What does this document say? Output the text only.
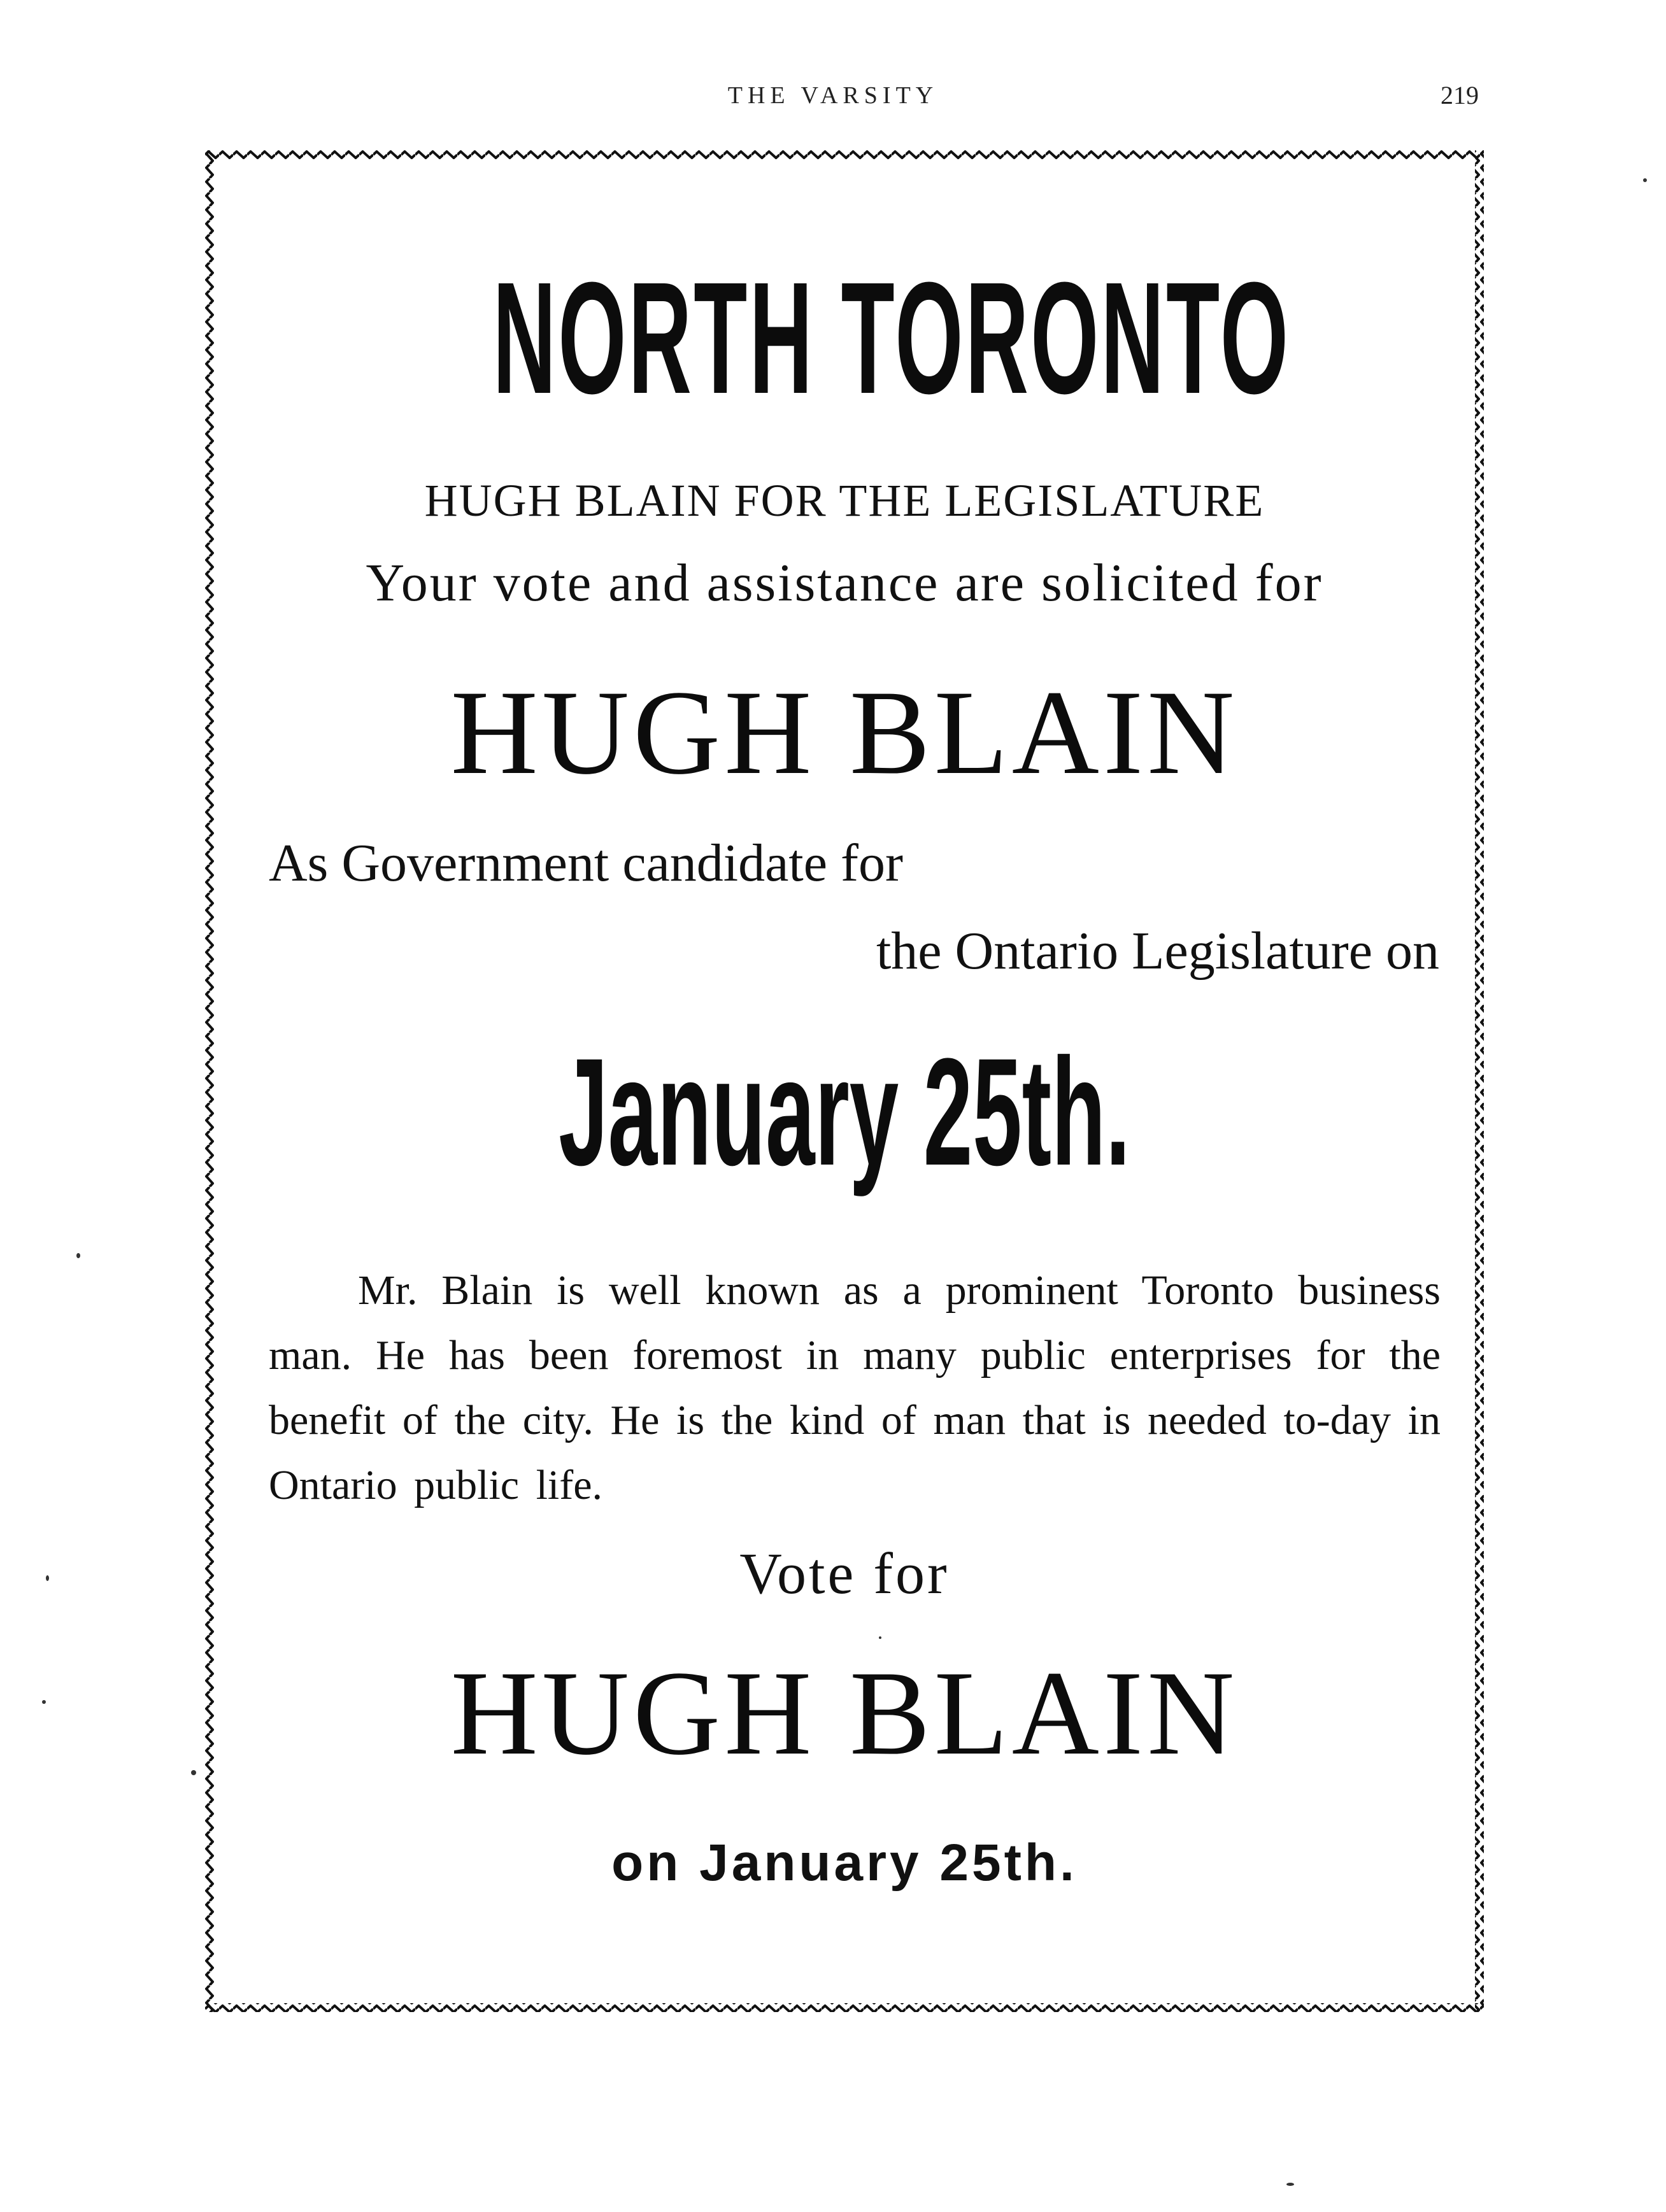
THE VARSITY	219
NORTH TORONTO
HUGH BLAIN FOR THE LEGISLATURE
Your vote and assistance are solicited for
HUGH BLAIN
As Government candidate for
the Ontario Legislature on
January 25th.
Mr. Blain is well known as a prominent Toronto business man. He has been foremost in many public enterprises for the benefit of the city. He is the kind of man that is needed to-day in Ontario public life.
Vote for
HUGH BLAIN
on January 25th.
